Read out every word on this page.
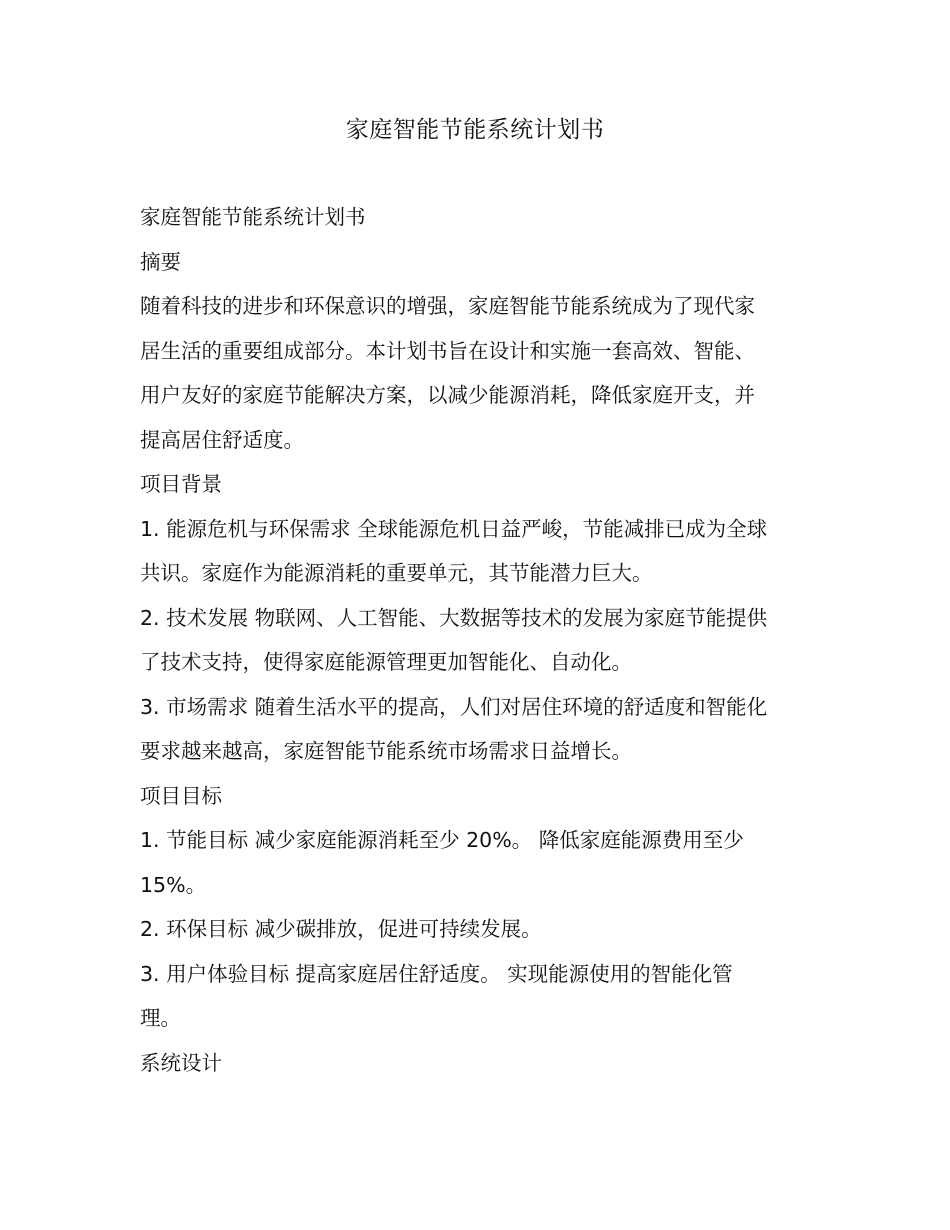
家庭智能节能系统计划书
家庭智能节能系统计划书
摘要
随着科技的进步和环保意识的增强，家庭智能节能系统成为了现代家
居生活的重要组成部分。本计划书旨在设计和实施一套高效、智能、
用户友好的家庭节能解决方案，以减少能源消耗，降低家庭开支，并
提高居住舒适度。
项目背景
1. 能源危机与环保需求 全球能源危机日益严峻，节能减排已成为全球
共识。家庭作为能源消耗的重要单元，其节能潜力巨大。
2. 技术发展 物联网、人工智能、大数据等技术的发展为家庭节能提供
了技术支持，使得家庭能源管理更加智能化、自动化。
3. 市场需求 随着生活水平的提高，人们对居住环境的舒适度和智能化
要求越来越高，家庭智能节能系统市场需求日益增长。
项目目标
1. 节能目标 减少家庭能源消耗至少 20%。 降低家庭能源费用至少
15%。
2. 环保目标 减少碳排放，促进可持续发展。
3. 用户体验目标 提高家庭居住舒适度。 实现能源使用的智能化管
理。
系统设计
